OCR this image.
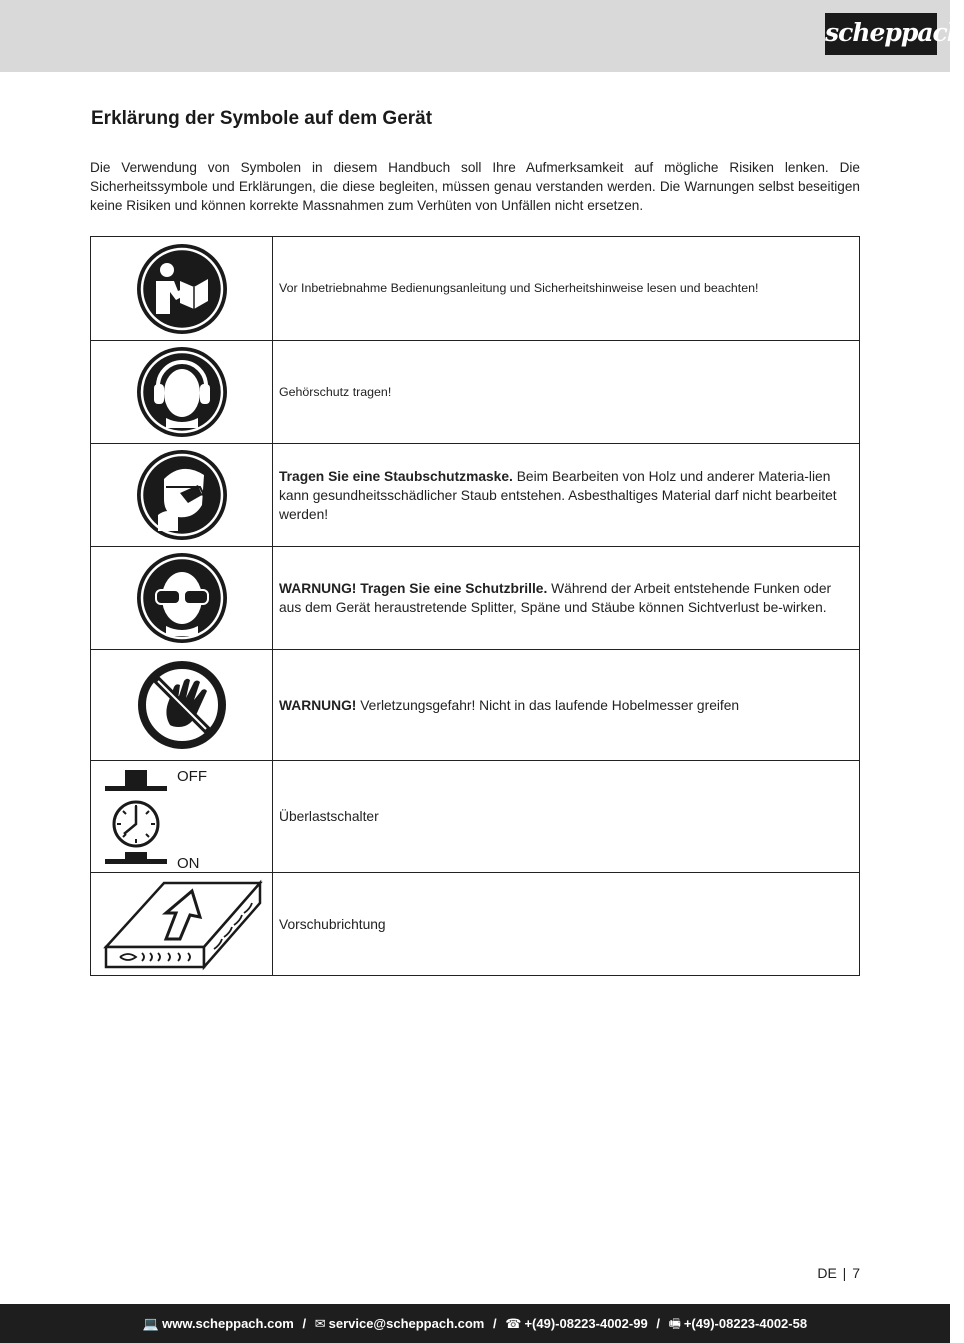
scheppach
Erklärung der Symbole auf dem Gerät

Die Verwendung von Symbolen in diesem Handbuch soll Ihre Aufmerksamkeit auf mögliche Risiken lenken. Die Sicherheitssymbole und Erklärungen, die diese begleiten, müssen genau verstanden werden. Die Warnungen selbst beseitigen keine Risiken und können korrekte Massnahmen zum Verhüten von Unfällen nicht ersetzen.

	Vor Inbetriebnahme Bedienungsanleitung und Sicherheitshinweise lesen und beachten!

	Gehörschutz tragen!

	Tragen Sie eine Staubschutzmaske. Beim Bearbeiten von Holz und anderer Materia-lien kann gesundheitsschädlicher Staub entstehen. Asbesthaltiges Material darf nicht bearbeitet werden!

	WARNUNG! Tragen Sie eine Schutzbrille. Während der Arbeit entstehende Funken oder aus dem Gerät heraustretende Splitter, Späne und Stäube können Sichtverlust be-wirken.

	WARNUNG! Verletzungsgefahr! Nicht in das laufende Hobelmesser greifen

OFF
ON	Überlastschalter

	Vorschubrichtung
DE | 7
💻 www.scheppach.com / ✉ service@scheppach.com / ☎ +(49)-08223-4002-99 / 🖷 +(49)-08223-4002-58
